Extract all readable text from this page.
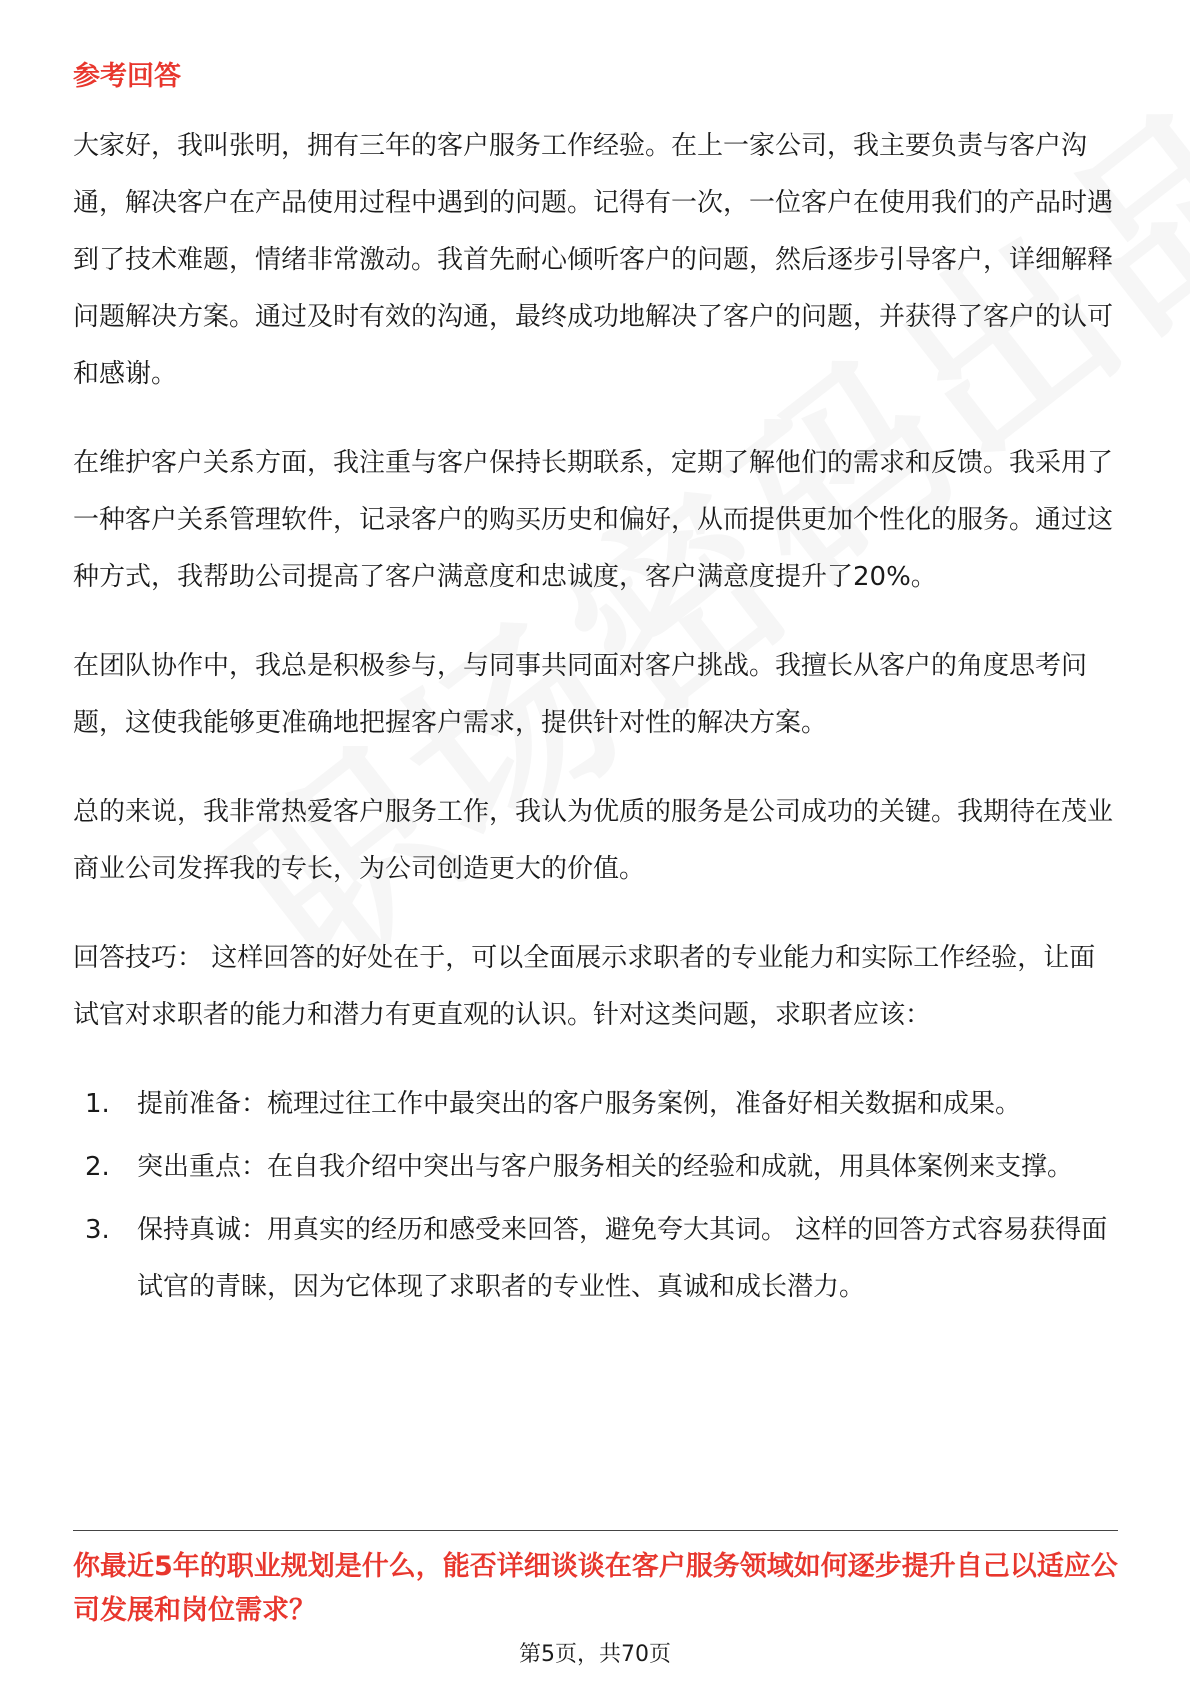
参考回答

大家好，我叫张明，拥有三年的客户服务工作经验。在上一家公司，我主要负责与客户沟通，解决客户在产品使用过程中遇到的问题。记得有一次，一位客户在使用我们的产品时遇到了技术难题，情绪非常激动。我首先耐心倾听客户的问题，然后逐步引导客户，详细解释问题解决方案。通过及时有效的沟通，最终成功地解决了客户的问题，并获得了客户的认可和感谢。

在维护客户关系方面，我注重与客户保持长期联系，定期了解他们的需求和反馈。我采用了一种客户关系管理软件，记录客户的购买历史和偏好，从而提供更加个性化的服务。通过这种方式，我帮助公司提高了客户满意度和忠诚度，客户满意度提升了20%。

在团队协作中，我总是积极参与，与同事共同面对客户挑战。我擅长从客户的角度思考问题，这使我能够更准确地把握客户需求，提供针对性的解决方案。

总的来说，我非常热爱客户服务工作，我认为优质的服务是公司成功的关键。我期待在茂业商业公司发挥我的专长，为公司创造更大的价值。

回答技巧： 这样回答的好处在于，可以全面展示求职者的专业能力和实际工作经验，让面试官对求职者的能力和潜力有更直观的认识。针对这类问题，求职者应该：

1.	提前准备：梳理过往工作中最突出的客户服务案例，准备好相关数据和成果。
2.	突出重点：在自我介绍中突出与客户服务相关的经验和成就，用具体案例来支撑。
3.	保持真诚：用真实的经历和感受来回答，避免夸大其词。 这样的回答方式容易获得面试官的青睐，因为它体现了求职者的专业性、真诚和成长潜力。
你最近5年的职业规划是什么，能否详细谈谈在客户服务领域如何逐步提升自己以适应公司发展和岗位需求？
第5页，共70页
